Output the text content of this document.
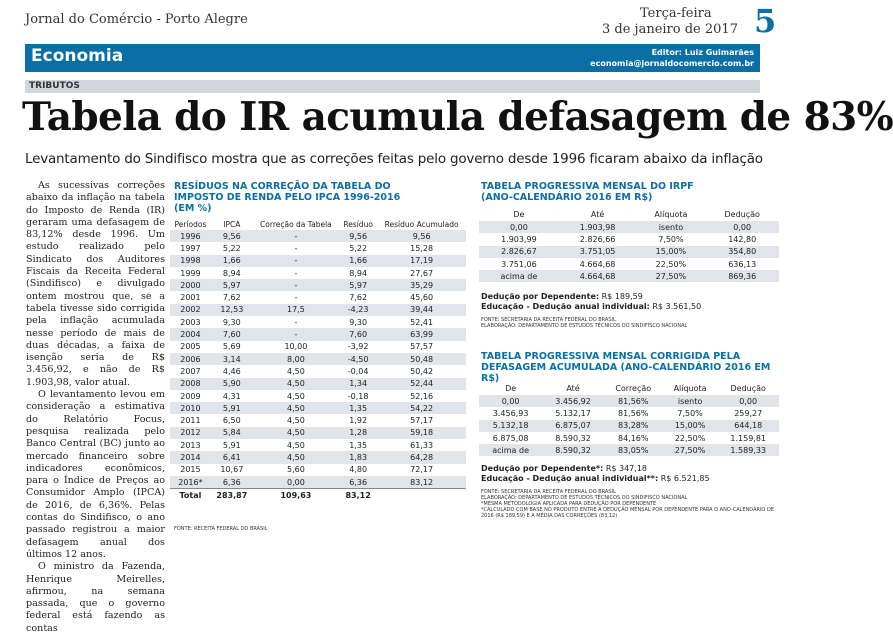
Jornal do Comércio - Porto Alegre	Terça-feira
3 de janeiro de 2017 5
Economia	Editor: Luiz Guimarães
economia@jornaldocomercio.com.br
TRIBUTOS
Tabela do IR acumula defasagem de 83%
Levantamento do Sindifisco mostra que as correções feitas pelo governo desde 1996 ficaram abaixo da inflação

As sucessivas correções abaixo da inflação na tabela do Imposto de Renda (IR) geraram uma defasagem de 83,12% desde 1996. Um estudo realizado pelo Sindicato dos Auditores Fiscais da Receita Federal (Sindifisco) e divulgado ontem mostrou que, se a tabela tivesse sido corrigida pela inflação acumulada nesse período de mais de duas décadas, a faixa de isenção seria de R$ 3.456,92, e não de R$ 1.903,98, valor atual.

O levantamento levou em consideração a estimativa do Relatório Focus, pesquisa realizada pelo Banco Central (BC) junto ao mercado financeiro sobre indicadores econômicos, para o Índice de Preços ao Consumidor Amplo (IPCA) de 2016, de 6,36%. Pelas contas do Sindifisco, o ano passado registrou a maior defasagem anual dos últimos 12 anos.

O ministro da Fazenda, Henrique Meirelles, afirmou, na semana passada, que o governo federal está fazendo as contas

RESÍDUOS NA CORREÇÃO DA TABELA DO IMPOSTO DE RENDA PELO IPCA 1996-2016 (EM %)
Períodos	IPCA	Correção da Tabela	Resíduo	Resíduo Acumulado
1996	9,56	-	9,56	9,56
1997	5,22	-	5,22	15,28
1998	1,66	-	1,66	17,19
1999	8,94	-	8,94	27,67
2000	5,97	-	5,97	35,29
2001	7,62	-	7,62	45,60
2002	12,53	17,5	-4,23	39,44
2003	9,30	-	9,30	52,41
2004	7,60	-	7,60	63,99
2005	5,69	10,00	-3,92	57,57
2006	3,14	8,00	-4,50	50,48
2007	4,46	4,50	-0,04	50,42
2008	5,90	4,50	1,34	52,44
2009	4,31	4,50	-0,18	52,16
2010	5,91	4,50	1,35	54,22
2011	6,50	4,50	1,92	57,17
2012	5,84	4,50	1,28	59,18
2013	5,91	4,50	1,35	61,33
2014	6,41	4,50	1,83	64,28
2015	10,67	5,60	4,80	72,17
2016*	6,36	0,00	6,36	83,12
Total	283,87	109,63	83,12	
FONTE: RECEITA FEDERAL DO BRASIL
TABELA PROGRESSIVA MENSAL DO IRPF (ANO-CALENDÁRIO 2016 EM R$)
De	Até	Alíquota	Dedução
0,00	1.903,98	isento	0,00
1.903,99	2.826,66	7,50%	142,80
2.826,67	3.751,05	15,00%	354,80
3.751,06	4.664,68	22,50%	636,13
acima de	4.664,68	27,50%	869,36
Dedução por Dependente: R$ 189,59
Educação - Dedução anual individual: R$ 3.561,50
FONTE: SECRETARIA DA RECEITA FEDERAL DO BRASIL
ELABORAÇÃO: DEPARTAMENTO DE ESTUDOS TÉCNICOS DO SINDIFISCO NACIONAL
TABELA PROGRESSIVA MENSAL CORRIGIDA PELA DEFASAGEM ACUMULADA (ANO-CALENDÁRIO 2016 EM R$)
De	Até	Correção	Alíquota	Dedução
0,00	3.456,92	81,56%	isento	0,00
3.456,93	5.132,17	81,56%	7,50%	259,27
5.132,18	6.875,07	83,28%	15,00%	644,18
6.875,08	8.590,32	84,16%	22,50%	1.159,81
acima de	8.590,32	83,05%	27,50%	1.589,33
Dedução por Dependente*: R$ 347,18
Educação - Dedução anual individual**: R$ 6.521,85
FONTE: SECRETARIA DA RECEITA FEDERAL DO BRASIL
ELABORAÇÃO: DEPARTAMENTO DE ESTUDOS TÉCNICOS DO SINDIFISCO NACIONAL
*MESMA METODOLOGIA APLICADA PARA DEDUÇÃO POR DEPENDENTE
*CALCULADO COM BASE NO PRODUTO ENTRE A DEDUÇÃO MENSAL POR DEPENDENTE PARA O ANO-CALENDÁRIO DE 2016 (R$ 189,59) E A MÉDIA DAS CORREÇÕES (83,12)
